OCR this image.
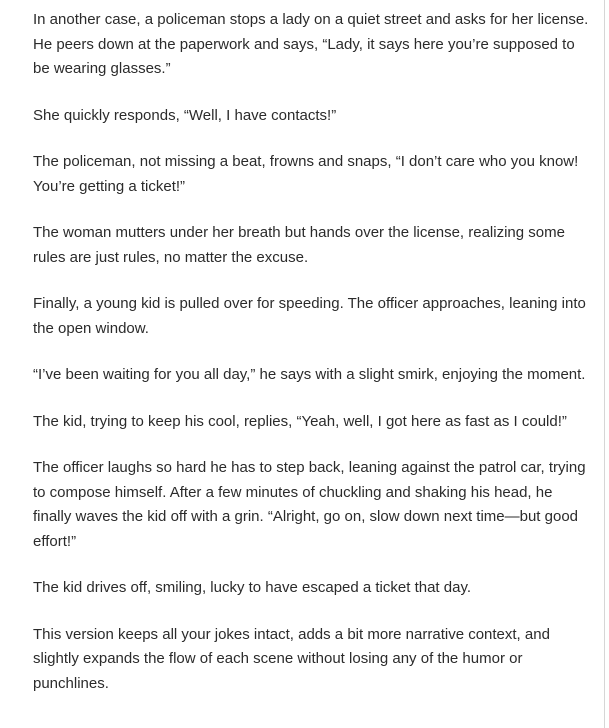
In another case, a policeman stops a lady on a quiet street and asks for her license. He peers down at the paperwork and says, “Lady, it says here you’re supposed to be wearing glasses.”

She quickly responds, “Well, I have contacts!”

The policeman, not missing a beat, frowns and snaps, “I don’t care who you know! You’re getting a ticket!”

The woman mutters under her breath but hands over the license, realizing some rules are just rules, no matter the excuse.

Finally, a young kid is pulled over for speeding. The officer approaches, leaning into the open window.

“I’ve been waiting for you all day,” he says with a slight smirk, enjoying the moment.

The kid, trying to keep his cool, replies, “Yeah, well, I got here as fast as I could!”

The officer laughs so hard he has to step back, leaning against the patrol car, trying to compose himself. After a few minutes of chuckling and shaking his head, he finally waves the kid off with a grin. “Alright, go on, slow down next time—but good effort!”

The kid drives off, smiling, lucky to have escaped a ticket that day.

This version keeps all your jokes intact, adds a bit more narrative context, and slightly expands the flow of each scene without losing any of the humor or punchlines.
